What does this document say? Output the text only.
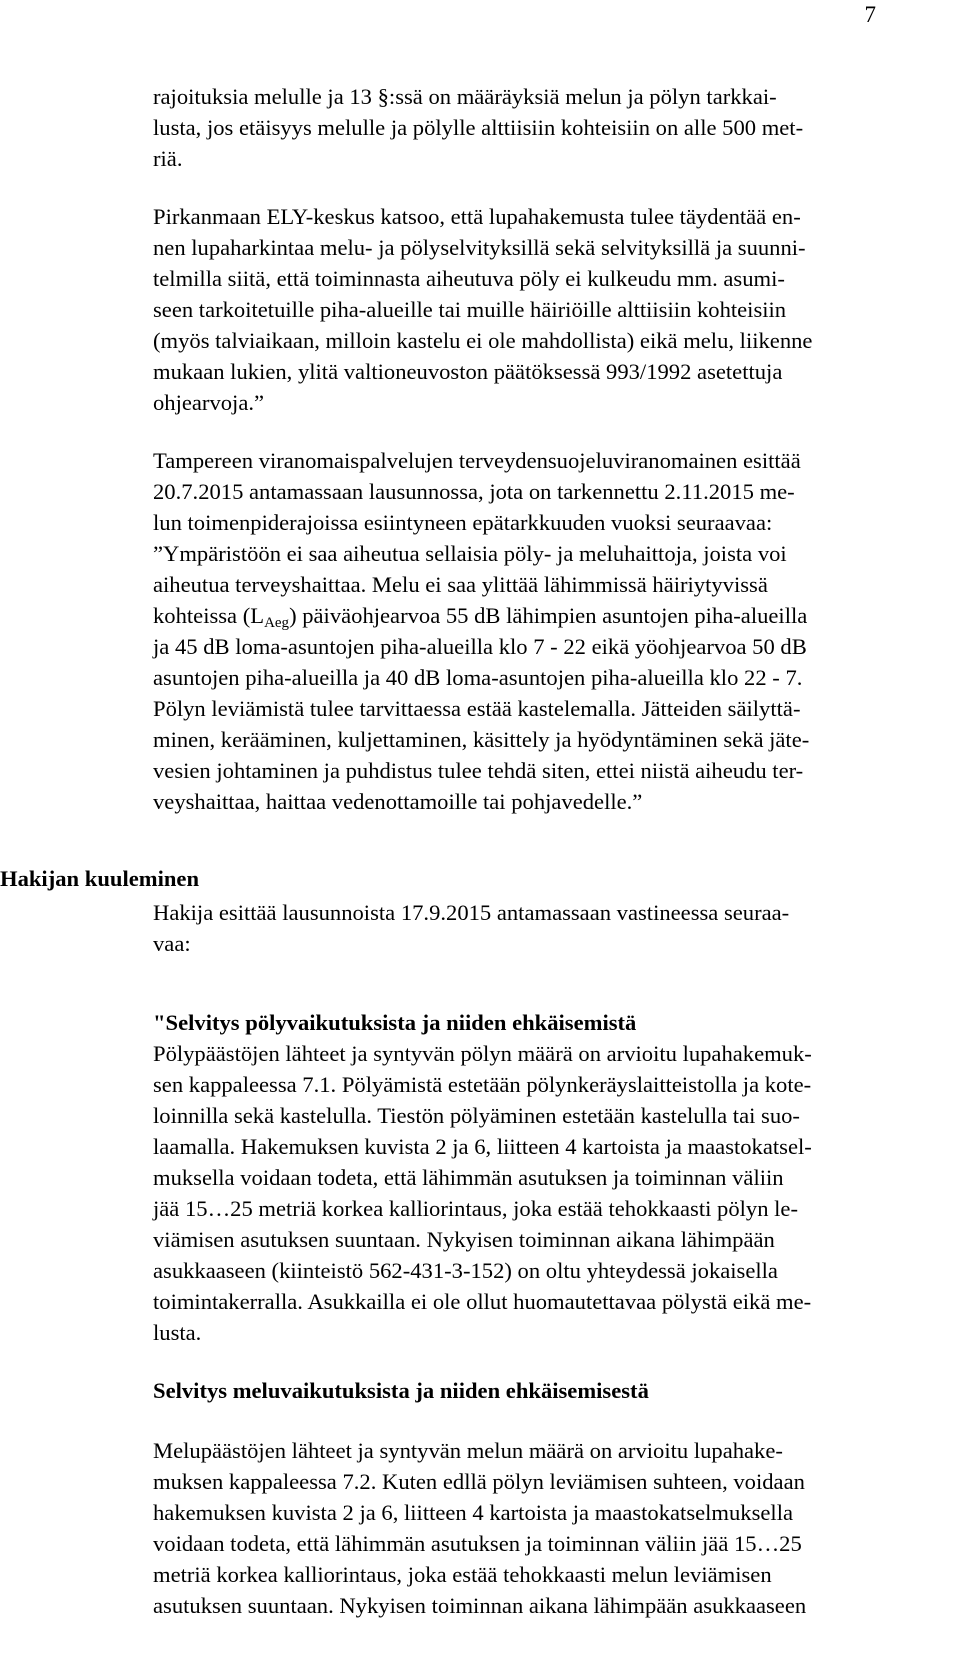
7
Hakijan kuuleminen
rajoituksia melulle ja 13 §:ssä on määräyksiä melun ja pölyn tarkkai-
lusta, jos etäisyys melulle ja pölylle alttiisiin kohteisiin on alle 500 met-
riä.
Pirkanmaan ELY-keskus katsoo, että lupahakemusta tulee täydentää en-
nen lupaharkintaa melu- ja pölyselvityksillä sekä selvityksillä ja suunni-
telmilla siitä, että toiminnasta aiheutuva pöly ei kulkeudu mm. asumi-
seen tarkoitetuille piha-alueille tai muille häiriöille alttiisiin kohteisiin
(myös talviaikaan, milloin kastelu ei ole mahdollista) eikä melu, liikenne
mukaan lukien, ylitä valtioneuvoston päätöksessä 993/1992 asetettuja
ohjearvoja.”
Tampereen viranomaispalvelujen terveydensuojeluviranomainen esittää
20.7.2015 antamassaan lausunnossa, jota on tarkennettu 2.11.2015 me-
lun toimenpiderajoissa esiintyneen epätarkkuuden vuoksi seuraavaa:
”Ympäristöön ei saa aiheutua sellaisia pöly- ja meluhaittoja, joista voi
aiheutua terveyshaittaa. Melu ei saa ylittää lähimmissä häiriytyvissä
kohteissa $(L_{Aeg})$ päiväohjearvoa 55 dB lähimpien asuntojen piha-alueilla
ja 45 dB loma-asuntojen piha-alueilla klo 7 - 22 eikä yöohjearvoa 50 dB
asuntojen piha-alueilla ja 40 dB loma-asuntojen piha-alueilla klo 22 - 7.
Pölyn leviämistä tulee tarvittaessa estää kastelemalla. Jätteiden säilyttä-
minen, kerääminen, kuljettaminen, käsittely ja hyödyntäminen sekä jäte-
vesien johtaminen ja puhdistus tulee tehdä siten, ettei niistä aiheudu ter-
veyshaittaa, haittaa vedenottamoille tai pohjavedelle.”
Hakija esittää lausunnoista 17.9.2015 antamassaan vastineessa seuraa-
vaa:
"Selvitys pölyvaikutuksista ja niiden ehkäisemistä
Pölypäästöjen lähteet ja syntyvän pölyn määrä on arvioitu lupahakemuk-
sen kappaleessa 7.1. Pölyämistä estetään pölynkeräyslaitteistolla ja kote-
loinnilla sekä kastelulla. Tiestön pölyäminen estetään kastelulla tai suo-
laamalla. Hakemuksen kuvista 2 ja 6, liitteen 4 kartoista ja maastokatsel-
muksella voidaan todeta, että lähimmän asutuksen ja toiminnan väliin
jää 15…25 metriä korkea kalliorintaus, joka estää tehokkaasti pölyn le-
viämisen asutuksen suuntaan. Nykyisen toiminnan aikana lähimpään
asukkaaseen (kiinteistö 562-431-3-152) on oltu yhteydessä jokaisella
toimintakerralla. Asukkailla ei ole ollut huomautettavaa pölystä eikä me-
lusta.
Selvitys meluvaikutuksista ja niiden ehkäisemisestä
Melupäästöjen lähteet ja syntyvän melun määrä on arvioitu lupahake-
muksen kappaleessa 7.2. Kuten edllä pölyn leviämisen suhteen, voidaan
hakemuksen kuvista 2 ja 6, liitteen 4 kartoista ja maastokatselmuksella
voidaan todeta, että lähimmän asutuksen ja toiminnan väliin jää 15…25
metriä korkea kalliorintaus, joka estää tehokkaasti melun leviämisen
asutuksen suuntaan. Nykyisen toiminnan aikana lähimpään asukkaaseen
